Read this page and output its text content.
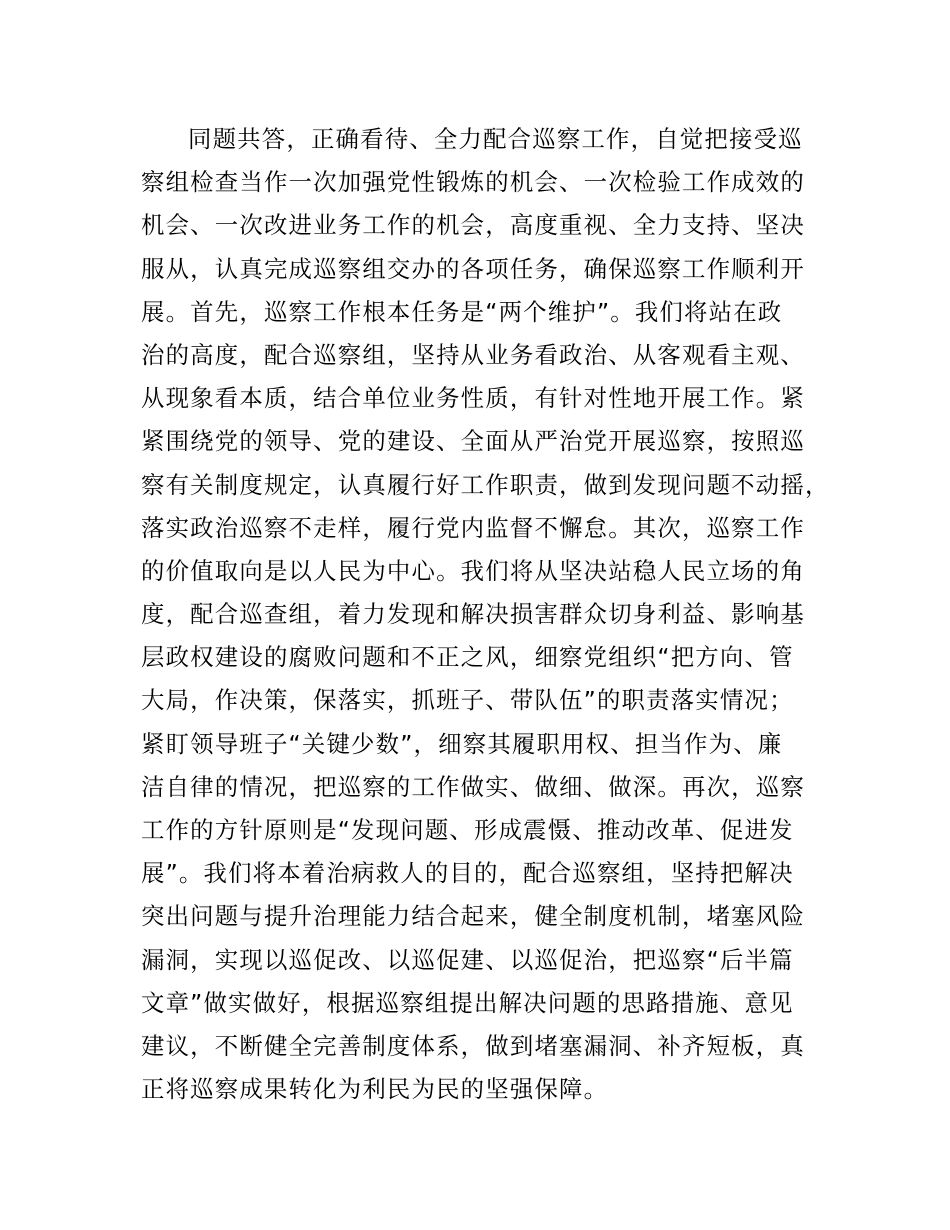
同题共答，正确看待、全力配合巡察工作，自觉把接受巡
察组检查当作一次加强党性锻炼的机会、一次检验工作成效的
机会、一次改进业务工作的机会，高度重视、全力支持、坚决
服从，认真完成巡察组交办的各项任务，确保巡察工作顺利开
展。首先，巡察工作根本任务是“两个维护”。我们将站在政
治的高度，配合巡察组，坚持从业务看政治、从客观看主观、
从现象看本质，结合单位业务性质，有针对性地开展工作。紧
紧围绕党的领导、党的建设、全面从严治党开展巡察，按照巡
察有关制度规定，认真履行好工作职责，做到发现问题不动摇，
落实政治巡察不走样，履行党内监督不懈怠。其次，巡察工作
的价值取向是以人民为中心。我们将从坚决站稳人民立场的角
度，配合巡查组，着力发现和解决损害群众切身利益、影响基
层政权建设的腐败问题和不正之风，细察党组织“把方向、管
大局，作决策，保落实，抓班子、带队伍”的职责落实情况；
紧盯领导班子“关键少数”，细察其履职用权、担当作为、廉
洁自律的情况，把巡察的工作做实、做细、做深。再次，巡察
工作的方针原则是“发现问题、形成震慑、推动改革、促进发
展”。我们将本着治病救人的目的，配合巡察组，坚持把解决
突出问题与提升治理能力结合起来，健全制度机制，堵塞风险
漏洞，实现以巡促改、以巡促建、以巡促治，把巡察“后半篇
文章”做实做好，根据巡察组提出解决问题的思路措施、意见
建议，不断健全完善制度体系，做到堵塞漏洞、补齐短板，真
正将巡察成果转化为利民为民的坚强保障。
